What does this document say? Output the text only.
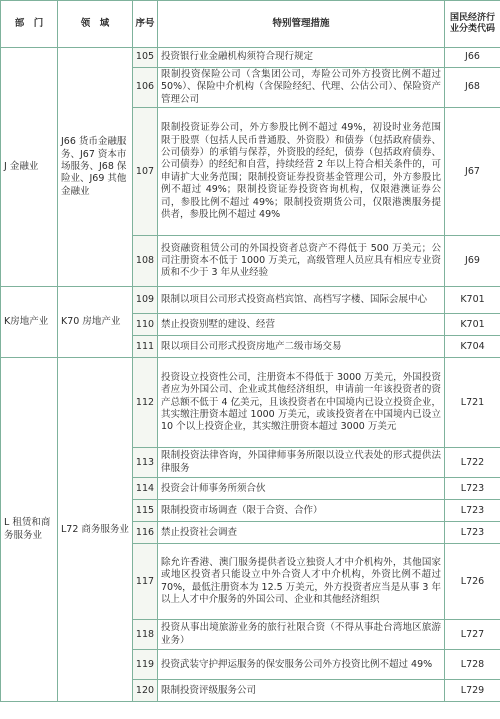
部　门	领　域	序号	特别管理措施	国民经济行业分类代码
J 金融业	J66 货币金融服务、J67 资本市场服务、J68 保险业、J69 其他金融业	105	投资银行业金融机构须符合现行规定	J66
		106	限制投资保险公司（含集团公司，寿险公司外方投资比例不超过 50%）、保险中介机构（含保险经纪、代理、公估公司）、保险资产管理公司	J68
		107	限制投资证券公司，外方参股比例不超过 49%，初设时业务范围限于股票（包括人民币普通股、外资股）和债券（包括政府债券、公司债券）的承销与保荐，外资股的经纪，债券（包括政府债券、公司债券）的经纪和自营，持续经营 2 年以上符合相关条件的，可申请扩大业务范围；限制投资证券投资基金管理公司，外方参股比例不超过 49%；限制投资证券投资咨询机构，仅限港澳证券公司，参股比例不超过 49%；限制投资期货公司，仅限港澳服务提供者，参股比例不超过 49%	J67
		108	投资融资租赁公司的外国投资者总资产不得低于 500 万美元；公司注册资本不低于 1000 万美元，高级管理人员应具有相应专业资质和不少于 3 年从业经验	J69
K房地产业	K70 房地产业	109	限制以项目公司形式投资高档宾馆、高档写字楼、国际会展中心	K701
		110	禁止投资别墅的建设、经营	K701
		111	限以项目公司形式投资房地产二级市场交易	K704
L 租赁和商务服务业	L72 商务服务业	112	投资设立投资性公司，注册资本不得低于 3000 万美元，外国投资者应为外国公司、企业或其他经济组织，申请前一年该投资者的资产总额不低于 4 亿美元，且该投资者在中国境内已设立投资企业，其实缴注册资本超过 1000 万美元，或该投资者在中国境内已设立 10 个以上投资企业，其实缴注册资本超过 3000 万美元	L721
		113	限制投资法律咨询，外国律师事务所限以设立代表处的形式提供法律服务	L722
		114	投资会计师事务所须合伙	L723
		115	限制投资市场调查（限于合资、合作）	L723
		116	禁止投资社会调查	L723
		117	除允许香港、澳门服务提供者设立独资人才中介机构外，其他国家或地区投资者只能设立中外合资人才中介机构，外资比例不超过 70%，最低注册资本为 12.5 万美元，外方投资者应当是从事 3 年以上人才中介服务的外国公司、企业和其他经济组织	L726
		118	投资从事出境旅游业务的旅行社限合资（不得从事赴台湾地区旅游业务）	L727
		119	投资武装守护押运服务的保安服务公司外方投资比例不超过 49%	L728
		120	限制投资评级服务公司	L729
